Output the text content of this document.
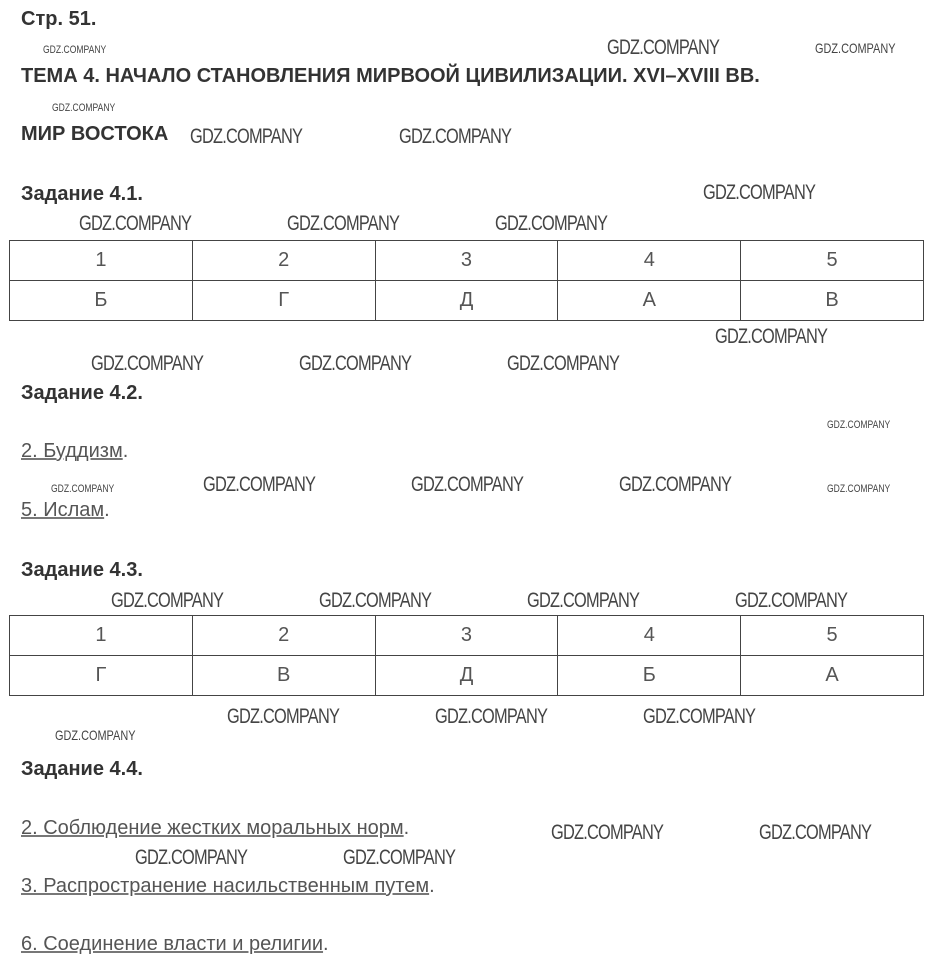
Стр. 51.
ТЕМА 4. НАЧАЛО СТАНОВЛЕНИЯ МИРВООЙ ЦИВИЛИЗАЦИИ. XVI–XVIII ВВ.
МИР ВОСТОКА
Задание 4.1.
1	2	3	4	5
Б	Г	Д	А	В
Задание 4.2.
2. Буддизм.
5. Ислам.
Задание 4.3.
1	2	3	4	5
Г	В	Д	Б	А
Задание 4.4.
2. Соблюдение жестких моральных норм.
3. Распространение насильственным путем.
6. Соединение власти и религии.
GDZ.COMPANY	GDZ.COMPANY	GDZ.COMPANY
GDZ.COMPANY
GDZ.COMPANY	GDZ.COMPANY
GDZ.COMPANY
GDZ.COMPANY	GDZ.COMPANY	GDZ.COMPANY
GDZ.COMPANY
GDZ.COMPANY	GDZ.COMPANY	GDZ.COMPANY
GDZ.COMPANY
GDZ.COMPANY	GDZ.COMPANY	GDZ.COMPANY	GDZ.COMPANY	GDZ.COMPANY
GDZ.COMPANY	GDZ.COMPANY	GDZ.COMPANY	GDZ.COMPANY
GDZ.COMPANY
GDZ.COMPANY	GDZ.COMPANY	GDZ.COMPANY
GDZ.COMPANY	GDZ.COMPANY
GDZ.COMPANY	GDZ.COMPANY
